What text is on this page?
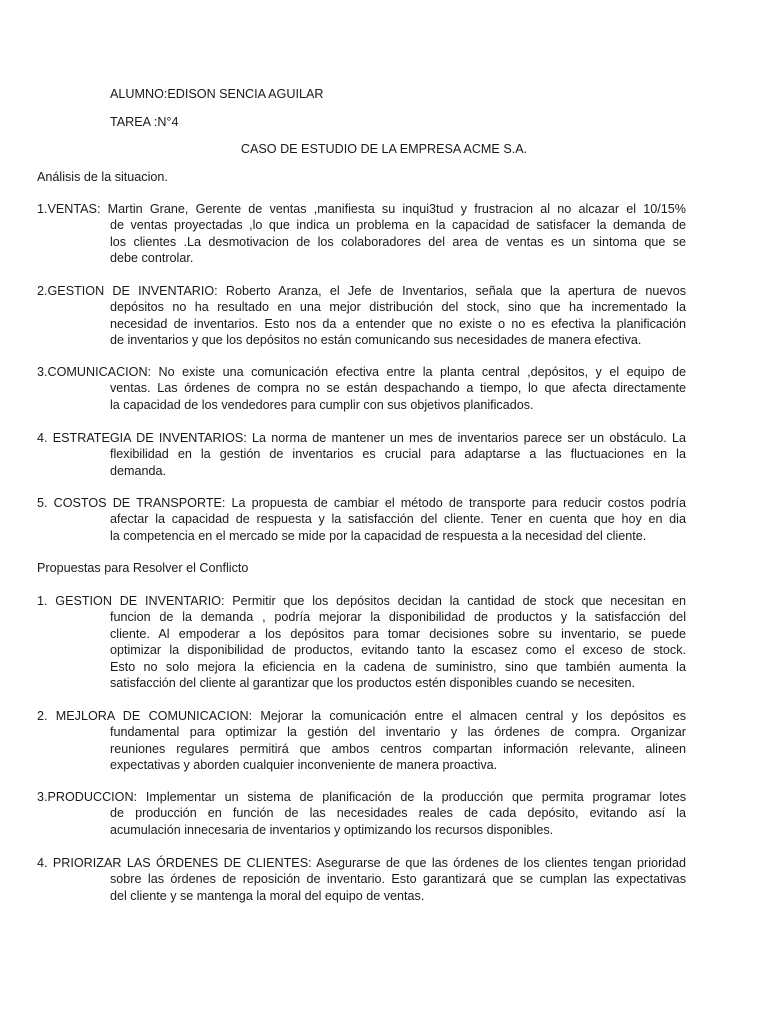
ALUMNO:EDISON SENCIA AGUILAR
TAREA :N°4
CASO DE ESTUDIO DE LA EMPRESA ACME S.A.
Análisis de la situacion.
1.VENTAS: Martin Grane, Gerente de ventas ,manifiesta su inqui3tud y frustracion al no alcazar el 10/15%
de ventas proyectadas ,lo que indica un problema en la capacidad de satisfacer la demanda de
los clientes .La desmotivacion de los colaboradores del area de ventas es un sintoma que se
debe controlar.
2.GESTION DE INVENTARIO: Roberto Aranza, el Jefe de Inventarios, señala que la apertura de nuevos
depósitos no ha resultado en una mejor distribución del stock, sino que ha incrementado la
necesidad de inventarios. Esto nos da a entender que no existe o no es efectiva la planificación
de inventarios y que los depósitos no están comunicando sus necesidades de manera efectiva.
3.COMUNICACION: No existe una comunicación efectiva entre la planta central ,depósitos, y el equipo de
ventas. Las órdenes de compra no se están despachando a tiempo, lo que afecta directamente
la capacidad de los vendedores para cumplir con sus objetivos planificados.
4. ESTRATEGIA DE INVENTARIOS: La norma de mantener un mes de inventarios parece ser un obstáculo. La
flexibilidad en la gestión de inventarios es crucial para adaptarse a las fluctuaciones en la
demanda.
5. COSTOS DE TRANSPORTE: La propuesta de cambiar el método de transporte para reducir costos podría
afectar la capacidad de respuesta y la satisfacción del cliente. Tener en cuenta que hoy en dia
la competencia en el mercado se mide por la capacidad de respuesta a la necesidad del cliente.
Propuestas para Resolver el Conflicto
1. GESTION DE INVENTARIO: Permitir que los depósitos decidan la cantidad de stock que necesitan en
funcion de la demanda , podría mejorar la disponibilidad de productos y la satisfacción del
cliente. Al empoderar a los depósitos para tomar decisiones sobre su inventario, se puede
optimizar la disponibilidad de productos, evitando tanto la escasez como el exceso de stock.
Esto no solo mejora la eficiencia en la cadena de suministro, sino que también aumenta la
satisfacción del cliente al garantizar que los productos estén disponibles cuando se necesiten.
2. MEJLORA DE COMUNICACION: Mejorar la comunicación entre el almacen central y los depósitos es
fundamental para optimizar la gestión del inventario y las órdenes de compra. Organizar
reuniones regulares permitirá que ambos centros compartan información relevante, alineen
expectativas y aborden cualquier inconveniente de manera proactiva.
3.PRODUCCION: Implementar un sistema de planificación de la producción que permita programar lotes
de producción en función de las necesidades reales de cada depósito, evitando así la
acumulación innecesaria de inventarios y optimizando los recursos disponibles.
4. PRIORIZAR LAS ÓRDENES DE CLIENTES: Asegurarse de que las órdenes de los clientes tengan prioridad
sobre las órdenes de reposición de inventario. Esto garantizará que se cumplan las expectativas
del cliente y se mantenga la moral del equipo de ventas.
